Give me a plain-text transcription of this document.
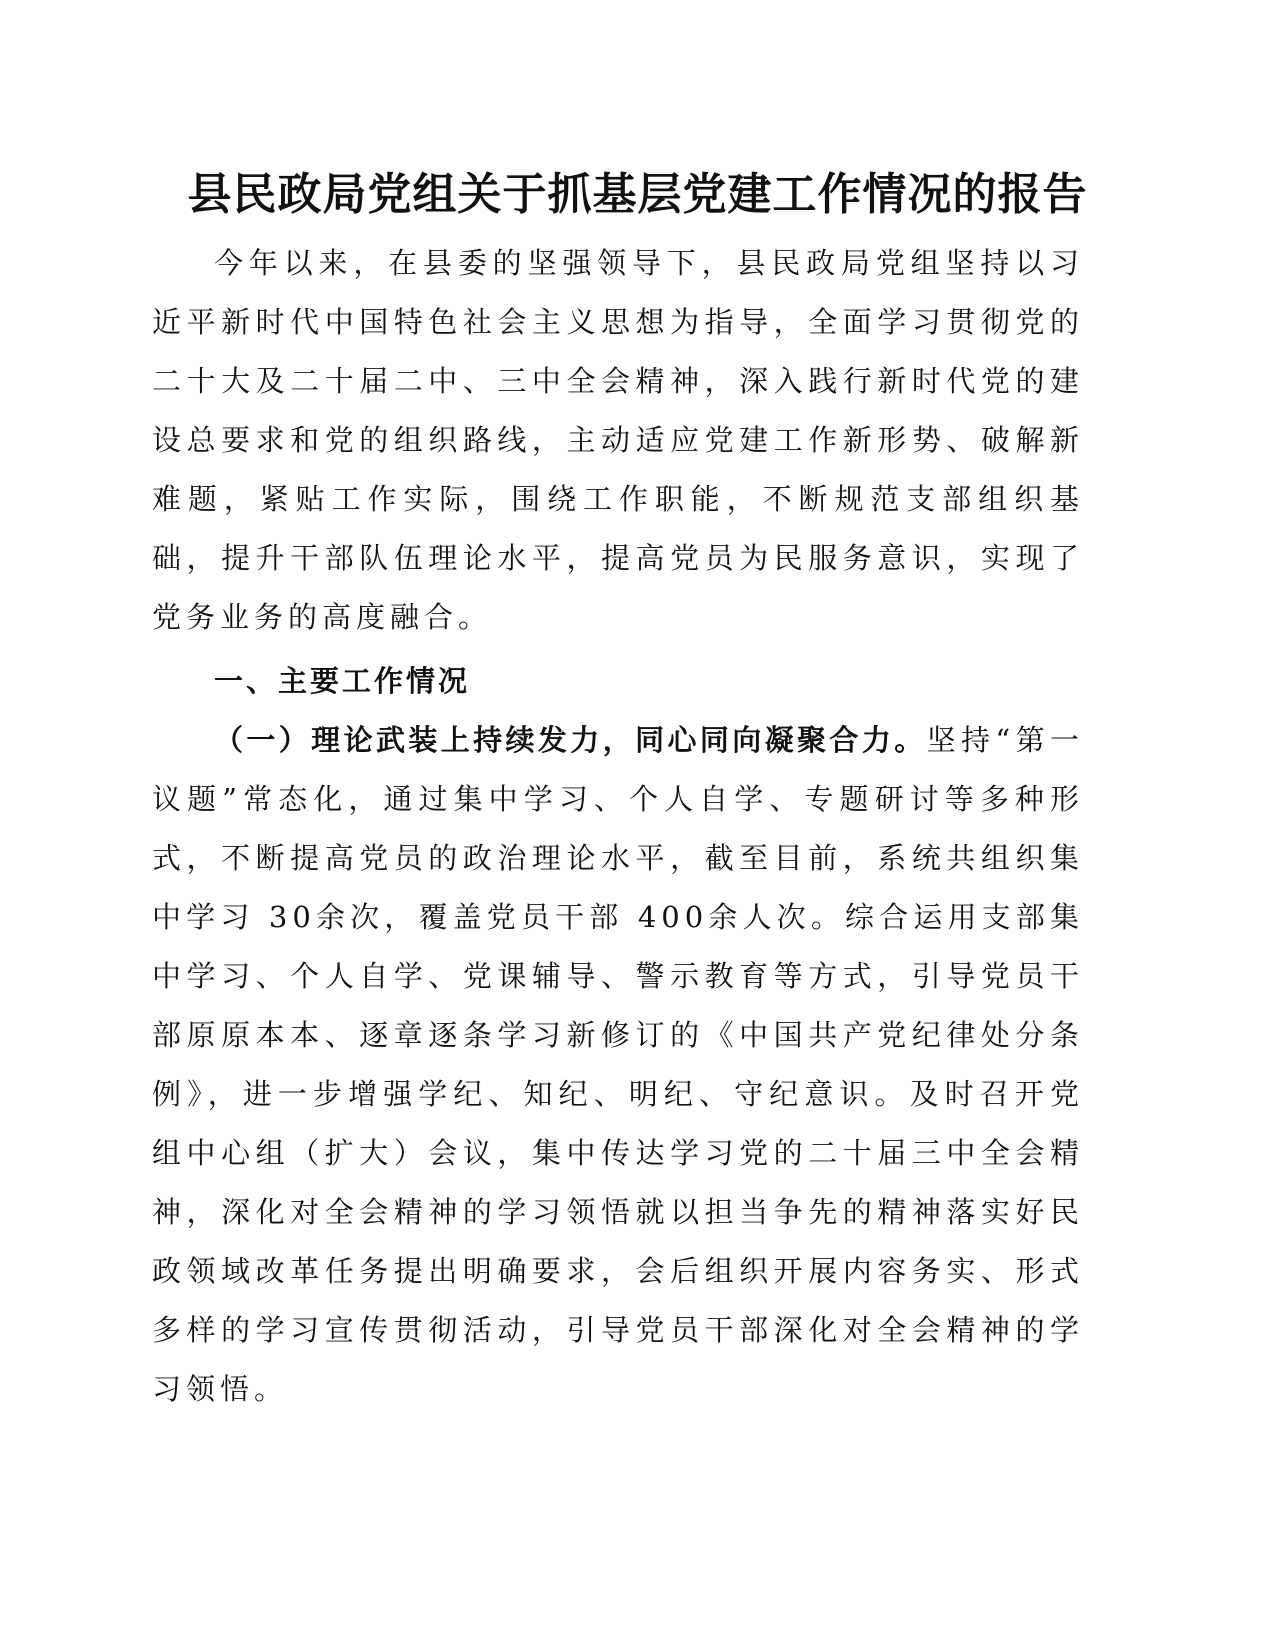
县民政局党组关于抓基层党建工作情况的报告

今年以来，在县委的坚强领导下，县民政局党组坚持以习近平新时代中国特色社会主义思想为指导，全面学习贯彻党的二十大及二十届二中、三中全会精神，深入践行新时代党的建设总要求和党的组织路线，主动适应党建工作新形势、破解新难题，紧贴工作实际，围绕工作职能，不断规范支部组织基础，提升干部队伍理论水平，提高党员为民服务意识，实现了党务业务的高度融合。

一、主要工作情况

（一）理论武装上持续发力，同心同向凝聚合力。坚持“第一议题”常态化，通过集中学习、个人自学、专题研讨等多种形式，不断提高党员的政治理论水平，截至目前，系统共组织集中学习 30余次，覆盖党员干部 400余人次。综合运用支部集中学习、个人自学、党课辅导、警示教育等方式，引导党员干部原原本本、逐章逐条学习新修订的《中国共产党纪律处分条例》，进一步增强学纪、知纪、明纪、守纪意识。及时召开党组中心组（扩大）会议，集中传达学习党的二十届三中全会精神，深化对全会精神的学习领悟就以担当争先的精神落实好民政领域改革任务提出明确要求，会后组织开展内容务实、形式多样的学习宣传贯彻活动，引导党员干部深化对全会精神的学习领悟。
